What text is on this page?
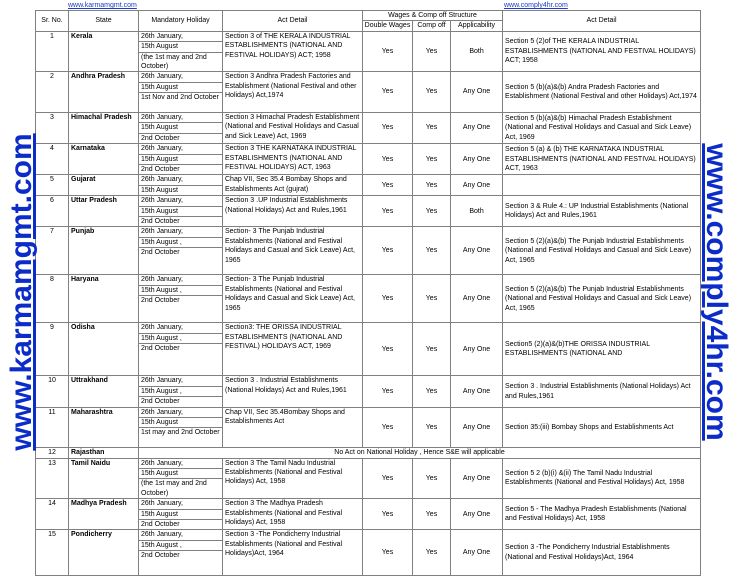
www.karmamgmt.com	www.comply4hr.com
Sr. No.	State	Mandatory Holiday	Act Detail	Wages & Comp off Structure			Act Detail
				Double Wages	Comp off	Applicability	
1	Kerala	26th January,
15th August
(the 1st may and 2nd October)	Section 3 of THE KERALA INDUSTRIAL ESTABLISHMENTS (NATIONAL AND FESTIVAL HOLIDAYS) ACT; 1958	Yes	Yes	Both	Section 5 (2)of THE KERALA INDUSTRIAL ESTABLISHMENTS (NATIONAL AND FESTIVAL HOLIDAYS) ACT; 1958
2	Andhra Pradesh	26th January,
15th August
1st Nov and 2nd October	Section 3 Andhra Pradesh Factories and Establishment (National Festival and other Holidays) Act,1974	Yes	Yes	Any One	Section 5 (b)(a)&(b) Andra Pradesh Factories and Establishment (National Festival and other Holidays) Act,1974
3	Himachal Pradesh	26th January,
15th August
2nd October	Section 3 Himachal Pradesh Establishment (National and Festival Holidays and Casual and Sick Leave) Act, 1969	Yes	Yes	Any One	Section 5 (b)(a)&(b) Himachal Pradesh Establishment (National and Festival Holidays and Casual and Sick Leave) Act, 1969
4	Karnataka	26th January,
15th August
2nd October	Section 3 THE KARNATAKA INDUSTRIAL ESTABLISHMENTS (NATIONAL AND FESTIVAL HOLIDAYS) ACT, 1963	Yes	Yes	Any One	Section 5 (a) & (b) THE KARNATAKA INDUSTRIAL ESTABLISHMENTS (NATIONAL AND FESTIVAL HOLIDAYS) ACT, 1963
5	Gujarat	26th January,
15th August	Chap VII, Sec 35.4 Bombay Shops and Establishments Act (gujrat)	Yes	Yes	Any One	
6	Uttar Pradesh	26th January,
15th August
2nd October	Section 3 .UP Industrial Establishments (National Holidays) Act and Rules,1961	Yes	Yes	Both	Section 3 & Rule 4.: UP Industrial Establishments (National Holidays) Act and Rules,1961
7	Punjab	26th January,
15th August ,
2nd October	Section- 3 The Punjab Industrial Establishments (National and Festival Holidays and Casual and Sick Leave) Act, 1965	Yes	Yes	Any One	Section 5 (2)(a)&(b) The Punjab Industrial Establishments (National and Festival Holidays and Casual and Sick Leave) Act, 1965
8	Haryana	26th January,
15th August ,
2nd October	Section- 3 The Punjab Industrial Establishments (National and Festival Holidays and Casual and Sick Leave) Act, 1965	Yes	Yes	Any One	Section 5 (2)(a)&(b) The Punjab Industrial Establishments (National and Festival Holidays and Casual and Sick Leave) Act, 1965
9	Odisha	26th January,
15th August ,
2nd October	Section3: THE ORISSA INDUSTRIAL ESTABLISHMENTS (NATIONAL AND FESTIVAL) HOLIDAYS ACT, 1969	Yes	Yes	Any One	Section5 (2)(a)&(b)THE ORISSA INDUSTRIAL ESTABLISHMENTS (NATIONAL AND
10	Uttrakhand	26th January,
15th August ,
2nd October	Section 3 . Industrial Establishments (National Holidays) Act and Rules,1961	Yes	Yes	Any One	Section 3 . Industrial Establishments (National Holidays) Act and Rules,1961
11	Maharashtra	26th January,
15th August
1st may and 2nd October	Chap VII, Sec 35.4Bombay Shops and Establishments Act	Yes	Yes	Any One	Section 35:(iii) Bombay Shops and Establishments Act
12	Rajasthan	No Act on National Holiday , Hence S&E will applicable					
13	Tamil Naidu	26th January,
15th August
(the 1st may and 2nd October)	Section 3 The Tamil Nadu Industrial Establishments (National and Festival Holidays) Act, 1958	Yes	Yes	Any One	Section 5 2 (b)(i) &(ii) The Tamil Nadu Industrial Establishments (National and Festival Holidays) Act, 1958
14	Madhya Pradesh	26th January,
15th August
2nd October	Section 3 The Madhya Pradesh Establishments (National and Festival Holidays) Act, 1958	Yes	Yes	Any One	Section 5 - The Madhya Pradesh Establishments (National and Festival Holidays) Act, 1958
15	Pondicherry	26th January,
15th August ,
2nd October	Section 3 -The Pondicherry Industrial Establishments (National and Festival Holidays)Act, 1964	Yes	Yes	Any One	Section 3 -The Pondicherry Industrial Establishments (National and Festival Holidays)Act, 1964
www.karmamgmt.com	www.comply4hr.com
